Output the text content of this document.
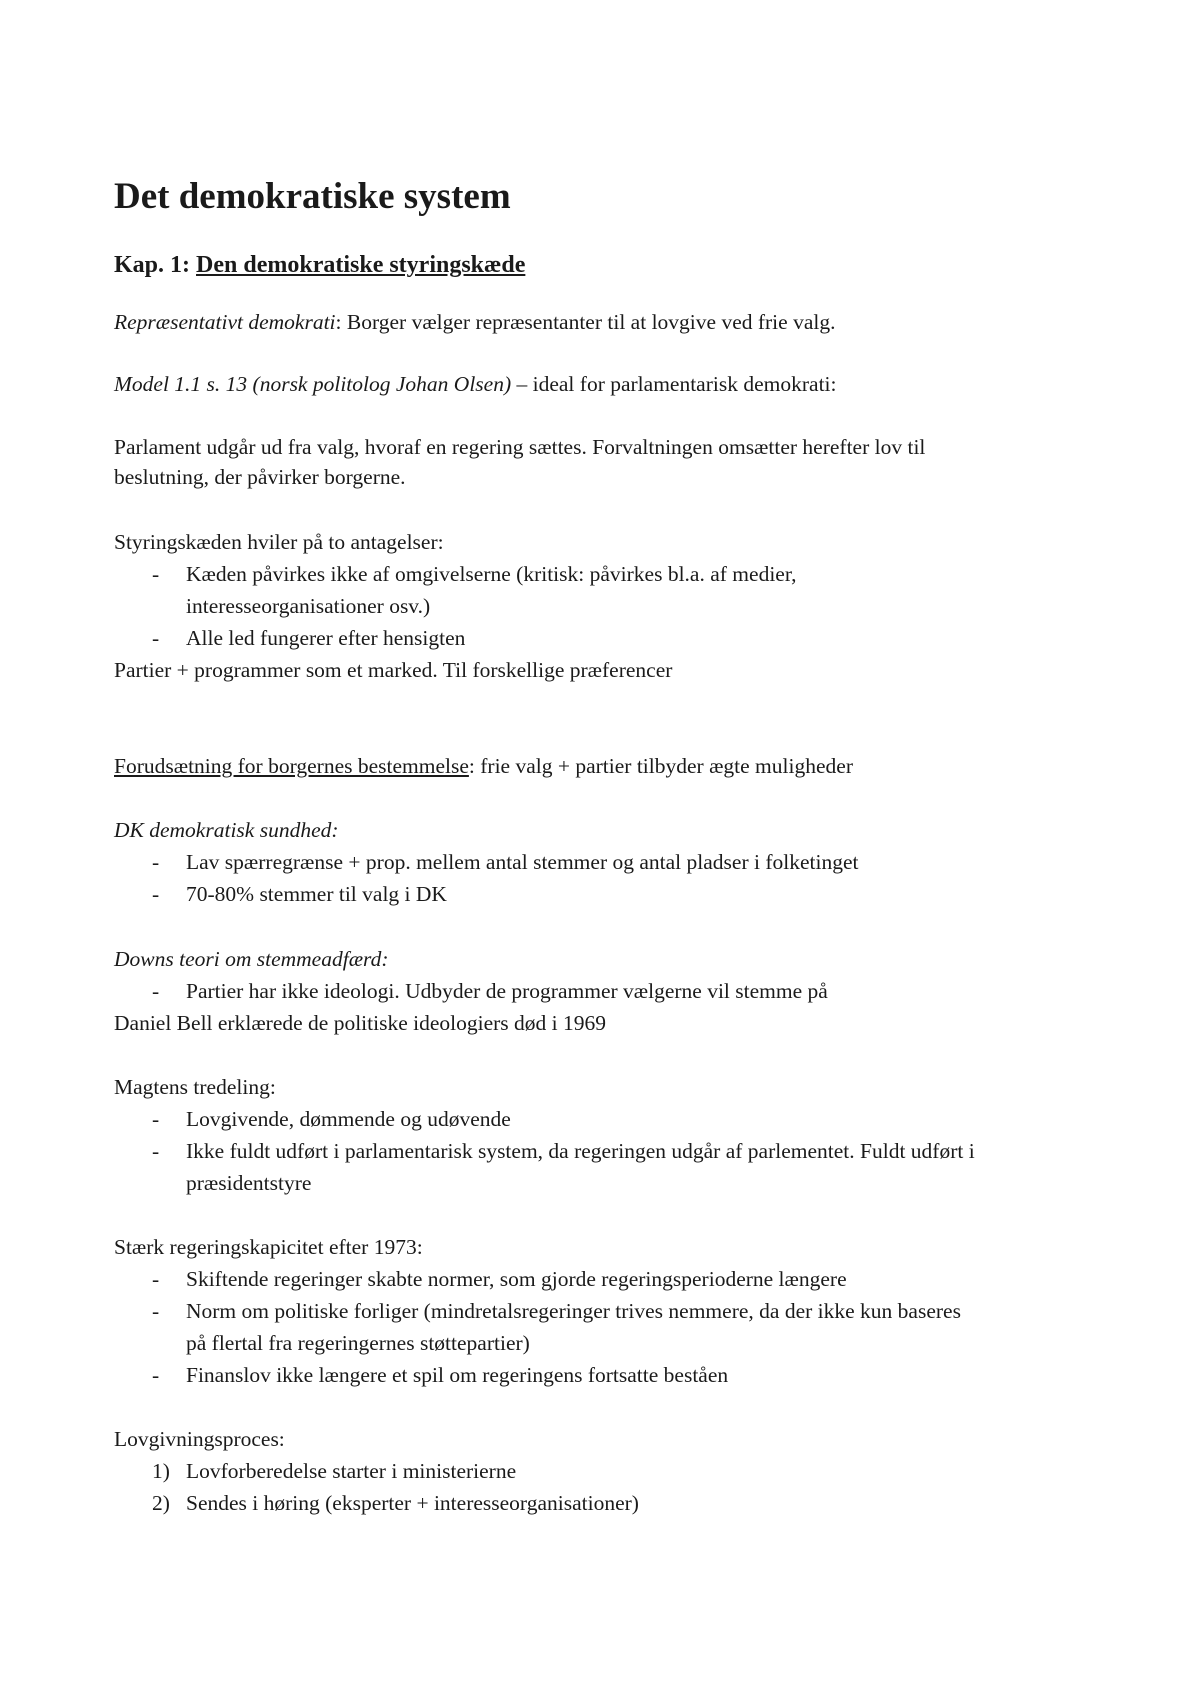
Det demokratiske system
Kap. 1: Den demokratiske styringskæde
Repræsentativt demokrati: Borger vælger repræsentanter til at lovgive ved frie valg.
Model 1.1 s. 13 (norsk politolog Johan Olsen) – ideal for parlamentarisk demokrati:
Parlament udgår ud fra valg, hvoraf en regering sættes. Forvaltningen omsætter herefter lov til
beslutning, der påvirker borgerne.
Styringskæden hviler på to antagelser:
- Kæden påvirkes ikke af omgivelserne (kritisk: påvirkes bl.a. af medier,
interesseorganisationer osv.)
- Alle led fungerer efter hensigten
Partier + programmer som et marked. Til forskellige præferencer
Forudsætning for borgernes bestemmelse: frie valg + partier tilbyder ægte muligheder
DK demokratisk sundhed:
- Lav spærregrænse + prop. mellem antal stemmer og antal pladser i folketinget
- 70-80% stemmer til valg i DK
Downs teori om stemmeadfærd:
- Partier har ikke ideologi. Udbyder de programmer vælgerne vil stemme på
Daniel Bell erklærede de politiske ideologiers død i 1969
Magtens tredeling:
- Lovgivende, dømmende og udøvende
- Ikke fuldt udført i parlamentarisk system, da regeringen udgår af parlementet. Fuldt udført i
præsidentstyre
Stærk regeringskapicitet efter 1973:
- Skiftende regeringer skabte normer, som gjorde regeringsperioderne længere
- Norm om politiske forliger (mindretalsregeringer trives nemmere, da der ikke kun baseres
på flertal fra regeringernes støttepartier)
- Finanslov ikke længere et spil om regeringens fortsatte beståen
Lovgivningsproces:
1) Lovforberedelse starter i ministerierne
2) Sendes i høring (eksperter + interesseorganisationer)
